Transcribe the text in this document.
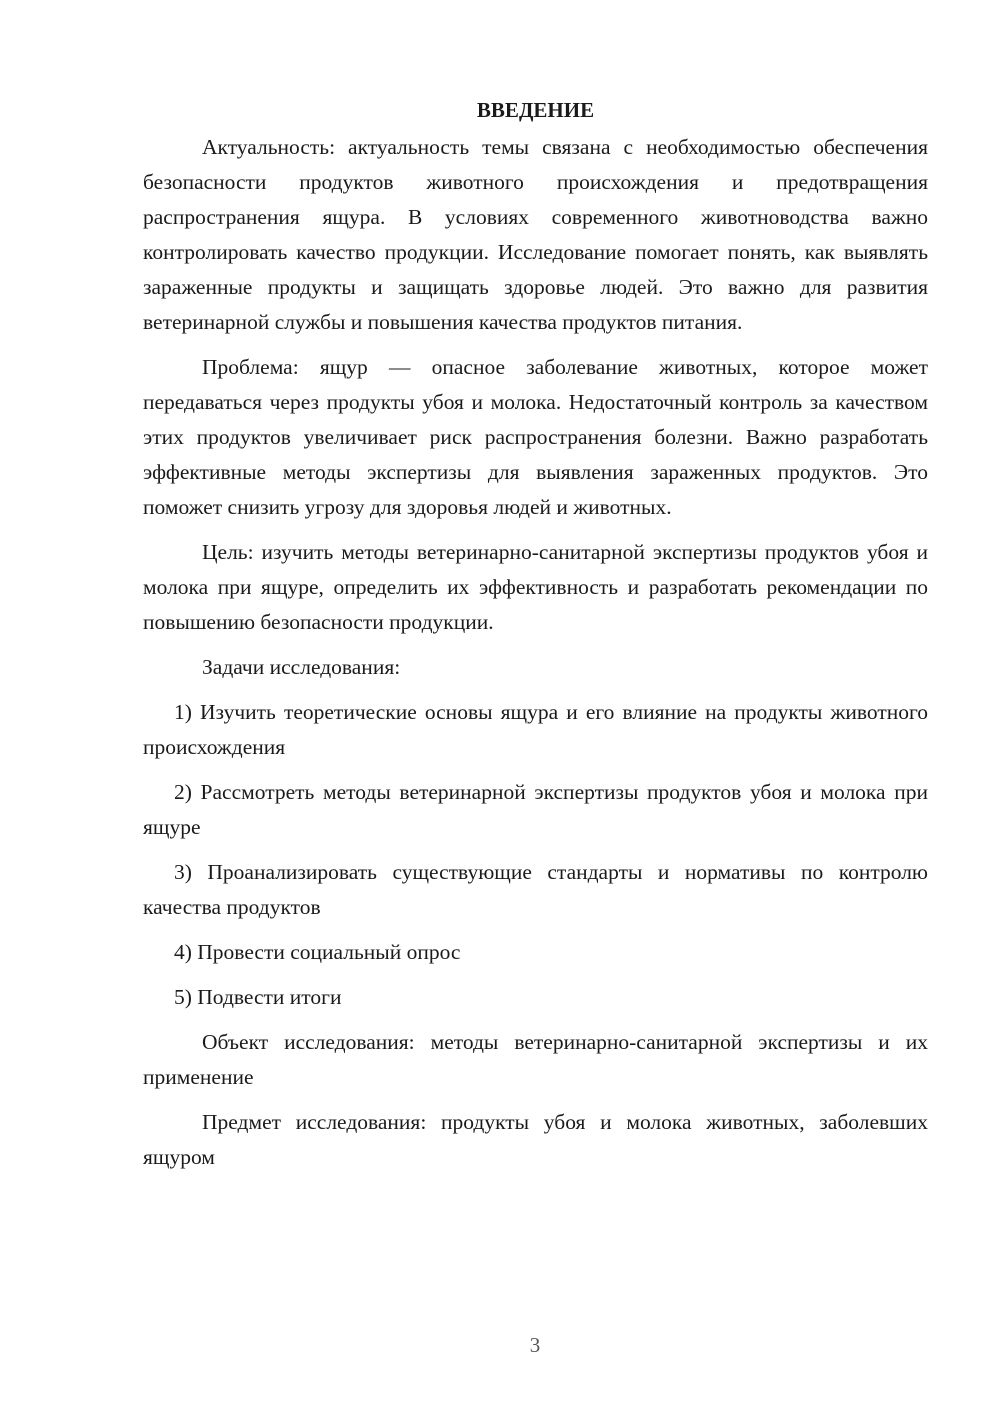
ВВЕДЕНИЕ

Актуальность: актуальность темы связана с необходимостью обеспечения безопасности продуктов животного происхождения и предотвращения распространения ящура. В условиях современного животноводства важно контролировать качество продукции. Исследование помогает понять, как выявлять зараженные продукты и защищать здоровье людей. Это важно для развития ветеринарной службы и повышения качества продуктов питания.

Проблема: ящур — опасное заболевание животных, которое может передаваться через продукты убоя и молока. Недостаточный контроль за качеством этих продуктов увеличивает риск распространения болезни. Важно разработать эффективные методы экспертизы для выявления зараженных продуктов. Это поможет снизить угрозу для здоровья людей и животных.

Цель: изучить методы ветеринарно-санитарной экспертизы продуктов убоя и молока при ящуре, определить их эффективность и разработать рекомендации по повышению безопасности продукции.

Задачи исследования:

1) Изучить теоретические основы ящура и его влияние на продукты животного происхождения

2) Рассмотреть методы ветеринарной экспертизы продуктов убоя и молока при ящуре

3) Проанализировать существующие стандарты и нормативы по контролю качества продуктов

4) Провести социальный опрос

5) Подвести итоги

Объект исследования: методы ветеринарно-санитарной экспертизы и их применение

Предмет исследования: продукты убоя и молока животных, заболевших ящуром

3
